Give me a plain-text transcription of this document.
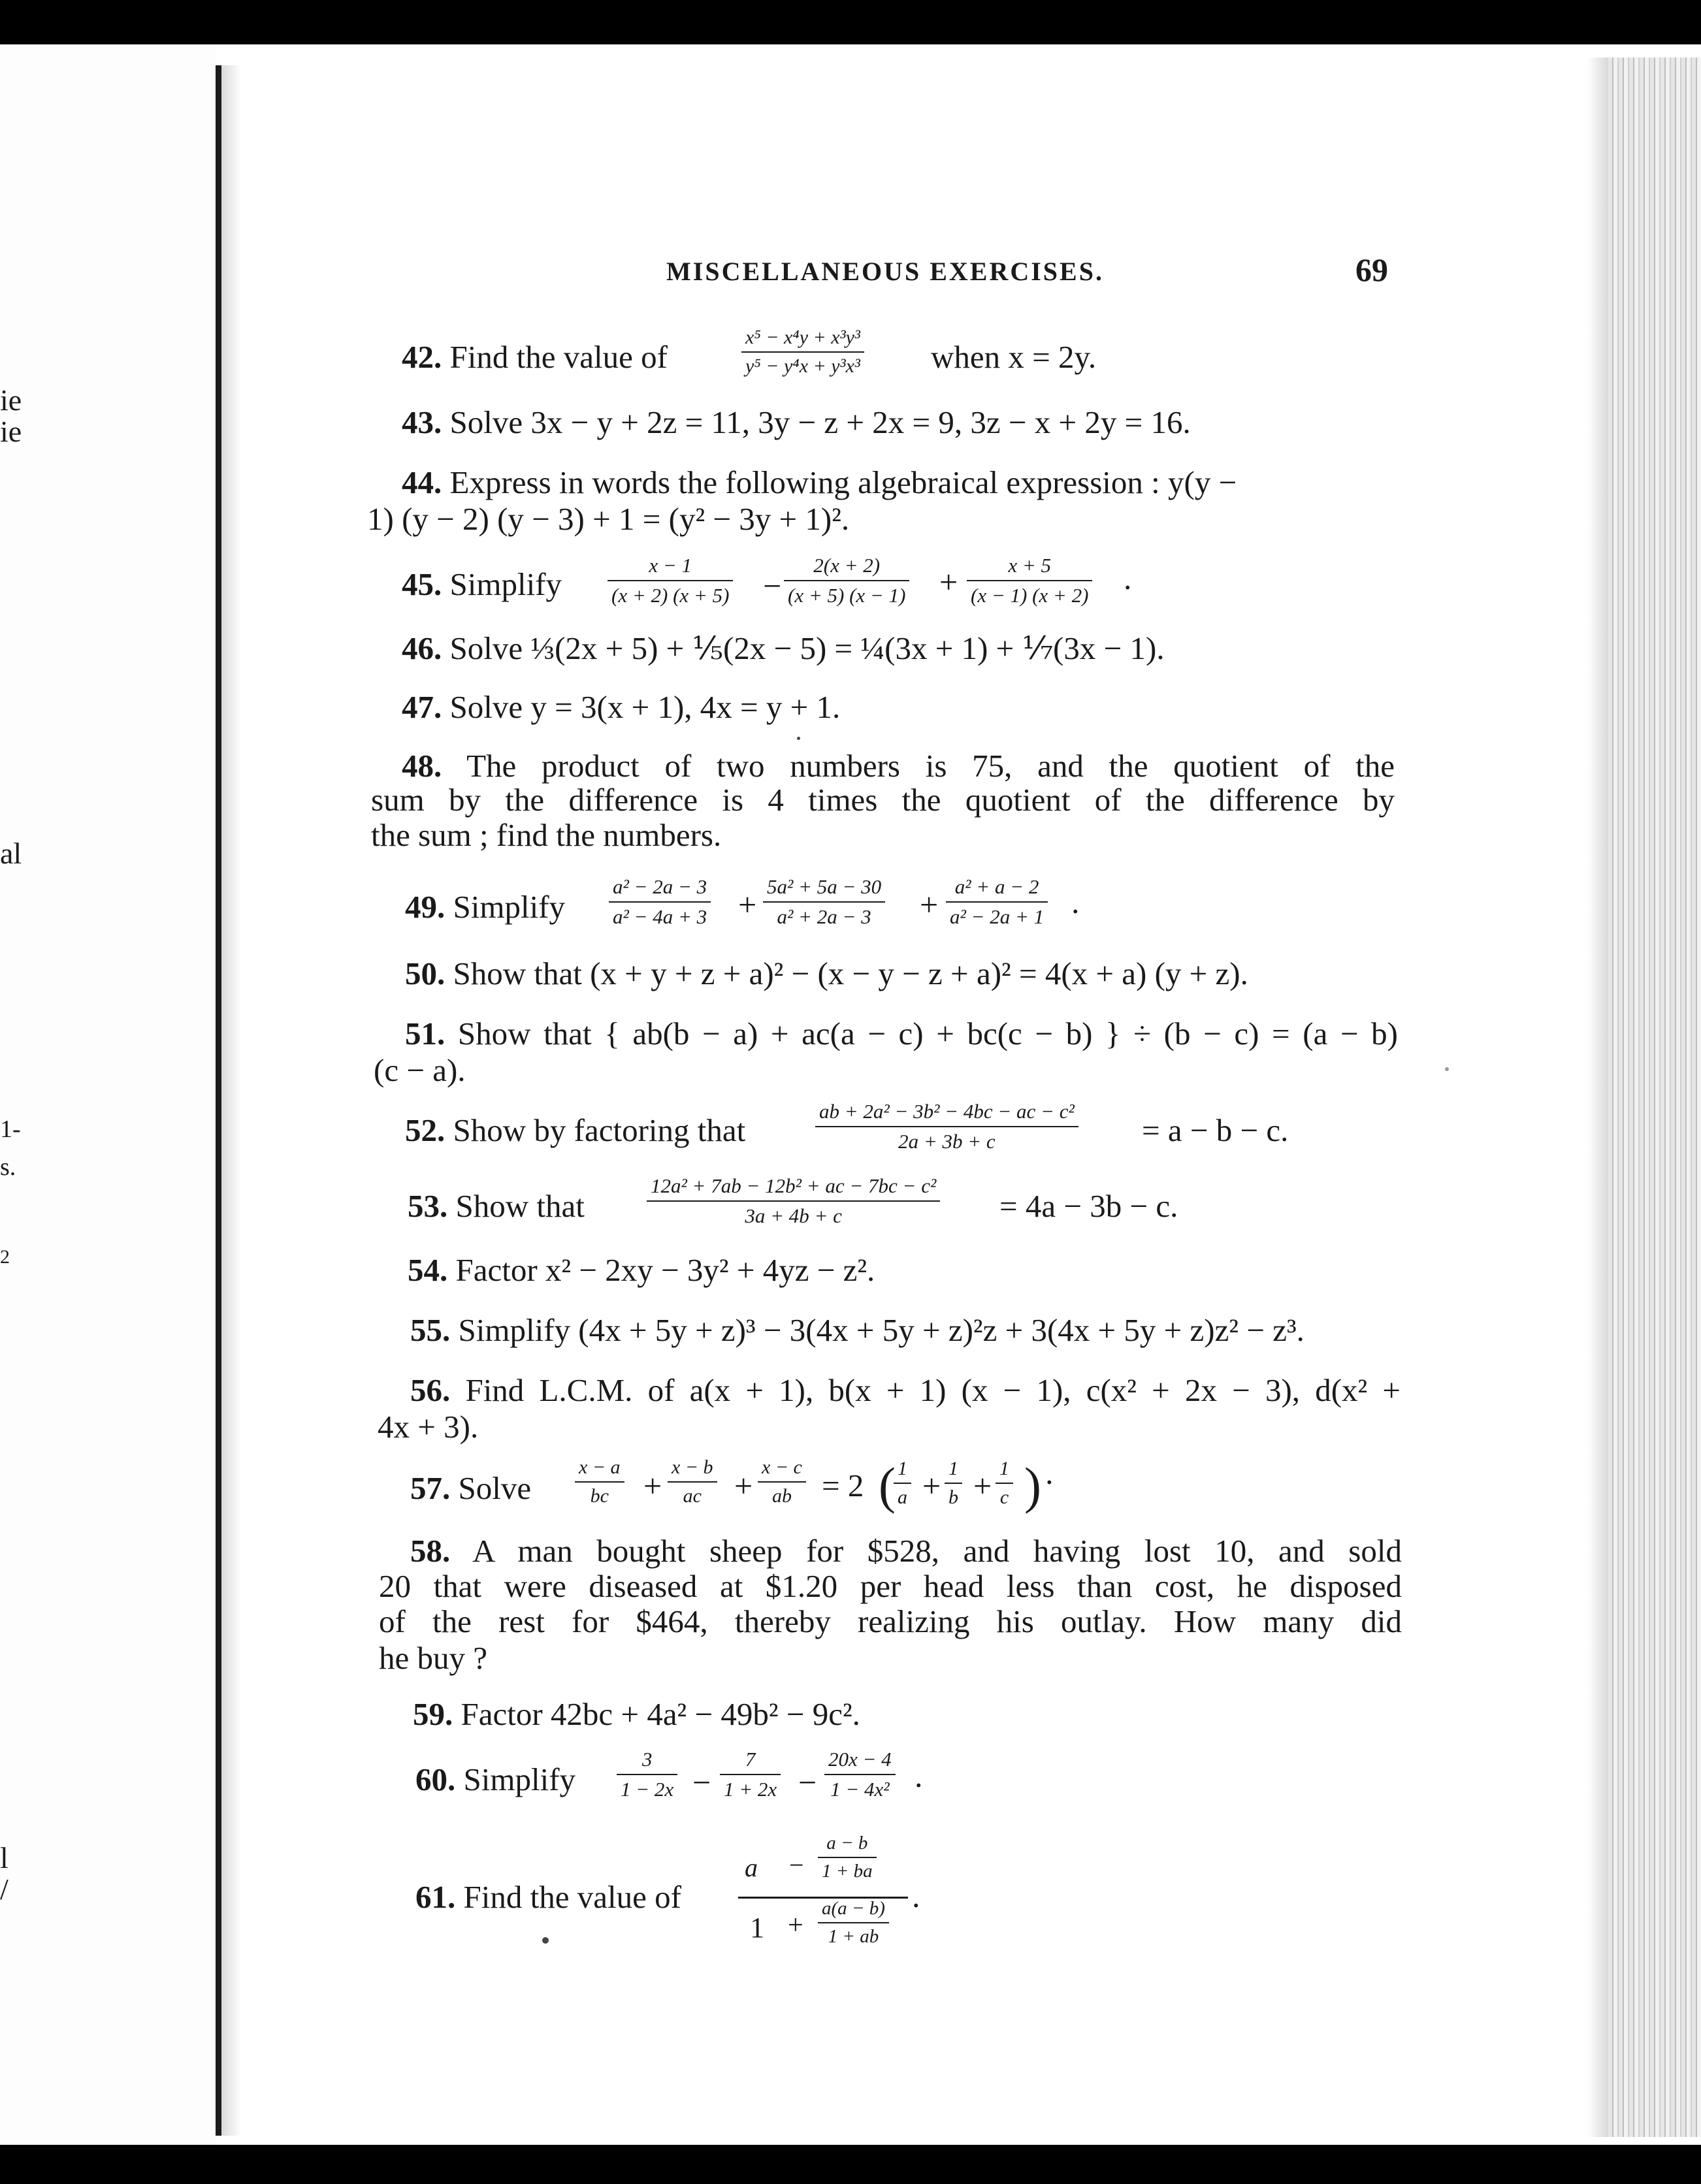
ie
ie
al
1-
s.
2
l
/
MISCELLANEOUS EXERCISES.	69
42. Find the value of	$\frac{\text{x⁵ − x⁴y + x³y³}}{\text{y⁵ − y⁴x + y³x³}}$ when x = 2y.
43. Solve 3x − y + 2z = 11, 3y − z + 2x = 9, 3z − x + 2y = 16.
44. Express in words the following algebraical expression : y(y −
1) (y − 2) (y − 3) + 1 = (y² − 3y + 1)².
45. Simplify $\frac{x - 1}{(x + 2) (x + 5)} - \frac{2(x + 2)}{(x + 5) (x - 1)} + \frac{x + 5}{(x - 1) (x + 2)}$ .
46. Solve ⅓(2x + 5) + ⅕(2x − 5) = ¼(3x + 1) + ⅐(3x − 1).
47. Solve y = 3(x + 1), 4x = y + 1.
48. The product of two numbers is 75, and the quotient of the
sum by the difference is 4 times the quotient of the difference by
the sum ; find the numbers.
49. Simplify $\frac{\text{a² − 2a − 3}}{\text{a² − 4a + 3}} + \frac{\text{5a² + 5a − 30}}{\text{a² + 2a − 3}} + \frac{\text{a² + a − 2}}{\text{a² − 2a + 1}}$ .
50. Show that (x + y + z + a)² − (x − y − z + a)² = 4(x + a) (y + z).
51. Show that { ab(b − a) + ac(a − c) + bc(c − b) } ÷ (b − c) = (a − b)
(c − a).
52. Show by factoring that	$\frac{\text{ab + 2a² − 3b² − 4bc − ac − c²}}{2a + 3b + c} = a - b - c$.
53. Show that	$\frac{\text{12a² + 7ab − 12b² + ac − 7bc − c²}}{3a + 4b + c} = 4a - 3b - c$.
54. Factor x² − 2xy − 3y² + 4yz − z².
55. Simplify (4x + 5y + z)³ − 3(4x + 5y + z)²z + 3(4x + 5y + z)z² − z³.
56. Find L.C.M. of a(x + 1), b(x + 1) (x − 1), c(x² + 2x − 3), d(x² +
4x + 3).
57. Solve $\frac{x - a}{bc} + \frac{x - b}{ac} + \frac{x - c}{ab} = 2$ (
$\frac{1}{a} + \frac{1}{b} + \frac{1}{c}$ ) ·
58. A man bought sheep for $528, and having lost 10, and sold
20 that were diseased at $1.20 per head less than cost, he disposed
of the rest for $464, thereby realizing his outlay. How many did
he buy ?
59. Factor 42bc + 4a² − 49b² − 9c².
60. Simplify $\frac{3}{1 - 2x} - \frac{7}{1 + 2x} - \frac{20x - 4}{\text{1 − 4x²}}$ .
61. Find the value of
$a - \frac{a - b}{1 + ba}$
$1 + \frac{a(a - b)}{1 + ab}$
.
